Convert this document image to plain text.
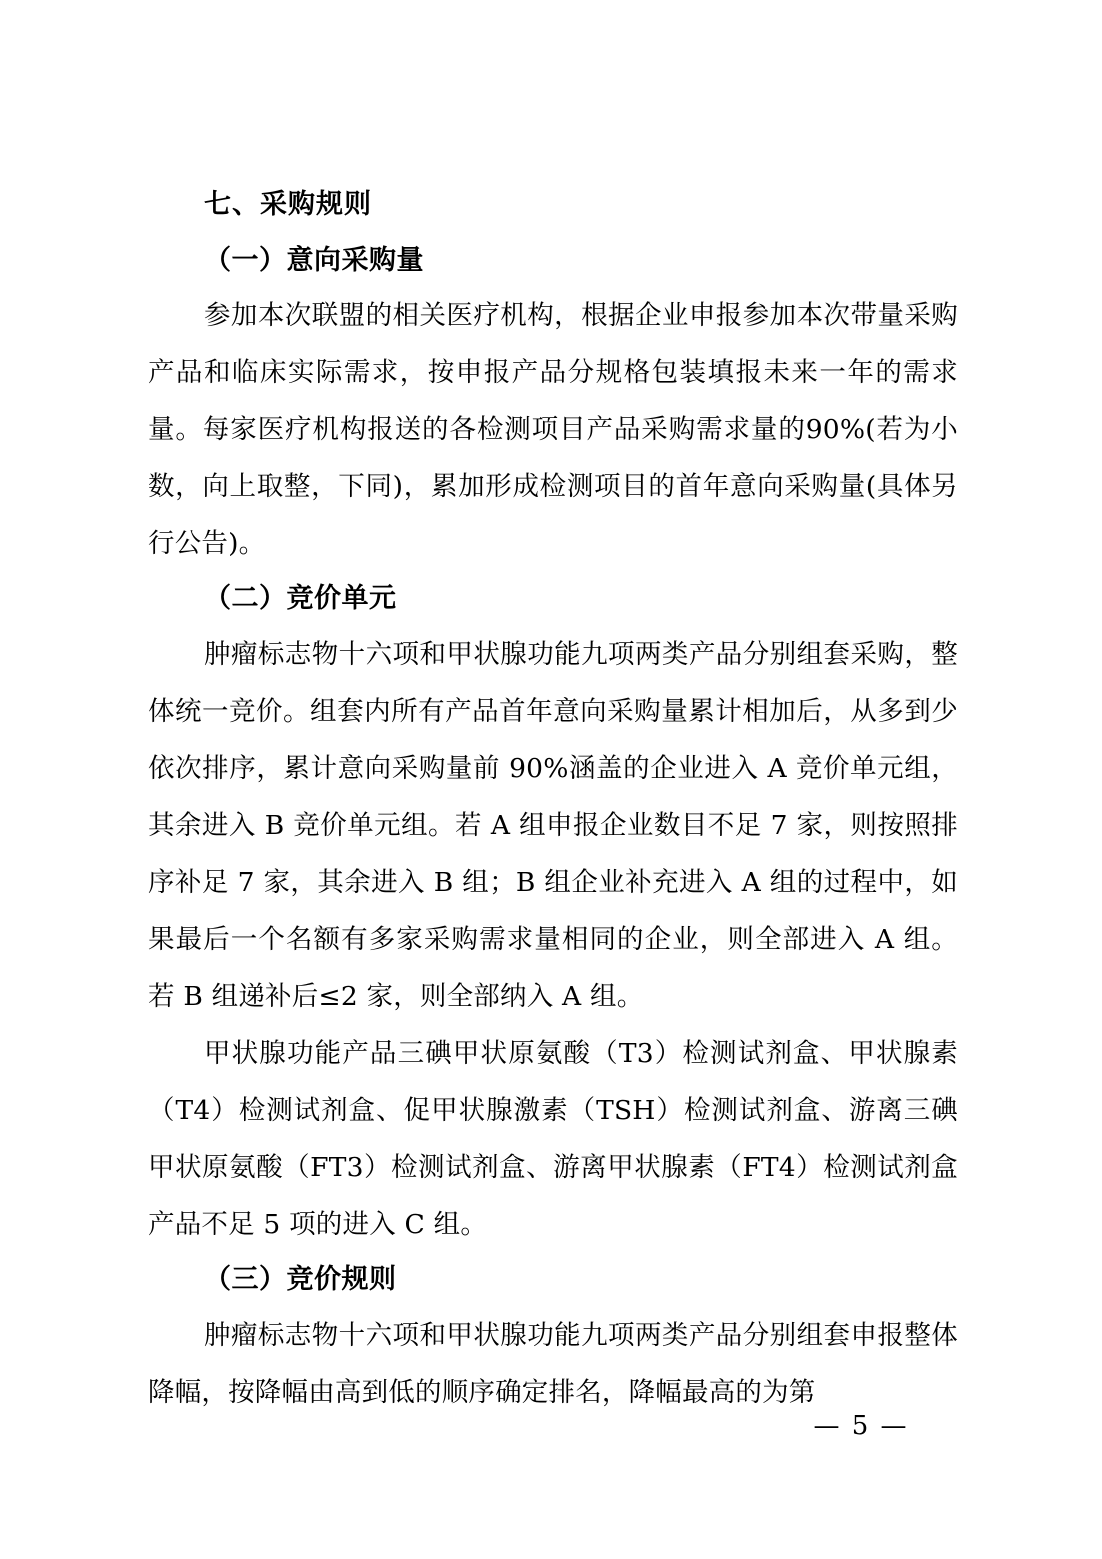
七、采购规则
（一）意向采购量

参加本次联盟的相关医疗机构，根据企业申报参加本次带量采购产品和临床实际需求，按申报产品分规格包装填报未来一年的需求量。每家医疗机构报送的各检测项目产品采购需求量的90%(若为小数，向上取整，下同)，累加形成检测项目的首年意向采购量(具体另行公告)。

（二）竞价单元

肿瘤标志物十六项和甲状腺功能九项两类产品分别组套采购，整体统一竞价。组套内所有产品首年意向采购量累计相加后，从多到少依次排序，累计意向采购量前 90%涵盖的企业进入 A 竞价单元组，其余进入 B 竞价单元组。若 A 组申报企业数目不足 7 家，则按照排序补足 7 家，其余进入 B 组；B 组企业补充进入 A 组的过程中，如果最后一个名额有多家采购需求量相同的企业，则全部进入 A 组。若 B 组递补后≤2 家，则全部纳入 A 组。

甲状腺功能产品三碘甲状原氨酸（T3）检测试剂盒、甲状腺素（T4）检测试剂盒、促甲状腺激素（TSH）检测试剂盒、游离三碘甲状原氨酸（FT3）检测试剂盒、游离甲状腺素（FT4）检测试剂盒产品不足 5 项的进入 C 组。

（三）竞价规则

肿瘤标志物十六项和甲状腺功能九项两类产品分别组套申报整体降幅，按降幅由高到低的顺序确定排名，降幅最高的为第

— 5 —
